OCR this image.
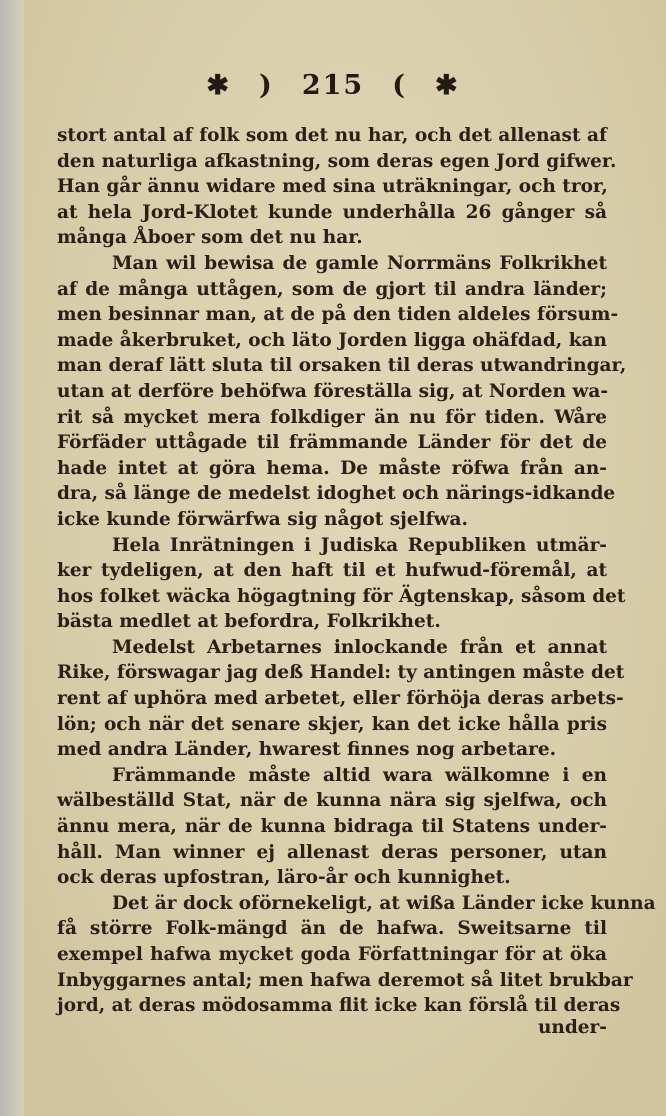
✱ ) 215 ( ✱
stort antal af folk som det nu har, och det allenast af
den naturliga afkastning, som deras egen Jord gifwer.
Han går ännu widare med sina uträkningar, och tror,
at hela Jord-Klotet kunde underhålla 26 gånger så
många Åboer som det nu har.
Man wil bewisa de gamle Norrmäns Folkrikhet
af de många uttågen, som de gjort til andra länder;
men besinnar man, at de på den tiden aldeles försum-
made åkerbruket, och läto Jorden ligga ohäfdad, kan
man deraf lätt sluta til orsaken til deras utwandringar,
utan at derföre behöfwa föreställa sig, at Norden wa-
rit så mycket mera folkdiger än nu för tiden. Wåre
Förfäder uttågade til främmande Länder för det de
hade intet at göra hema. De måste röfwa från an-
dra, så länge de medelst idoghet och närings-idkande
icke kunde förwärfwa sig något sjelfwa.
Hela Inrätningen i Judiska Republiken utmär-
ker tydeligen, at den haft til et hufwud-föremål, at
hos folket wäcka högagtning för Ägtenskap, såsom det
bästa medlet at befordra, Folkrikhet.
Medelst Arbetarnes inlockande från et annat
Rike, förswagar jag deß Handel: ty antingen måste det
rent af uphöra med arbetet, eller förhöja deras arbets-
lön; och när det senare skjer, kan det icke hålla pris
med andra Länder, hwarest finnes nog arbetare.
Främmande måste altid wara wälkomne i en
wälbeställd Stat, när de kunna nära sig sjelfwa, och
ännu mera, när de kunna bidraga til Statens under-
håll. Man winner ej allenast deras personer, utan
ock deras upfostran, läro-år och kunnighet.
Det är dock oförnekeligt, at wißa Länder icke kunna
få större Folk-mängd än de hafwa. Sweitsarne til
exempel hafwa mycket goda Författningar för at öka
Inbyggarnes antal; men hafwa deremot så litet brukbar
jord, at deras mödosamma flit icke kan förslå til deras
under-
